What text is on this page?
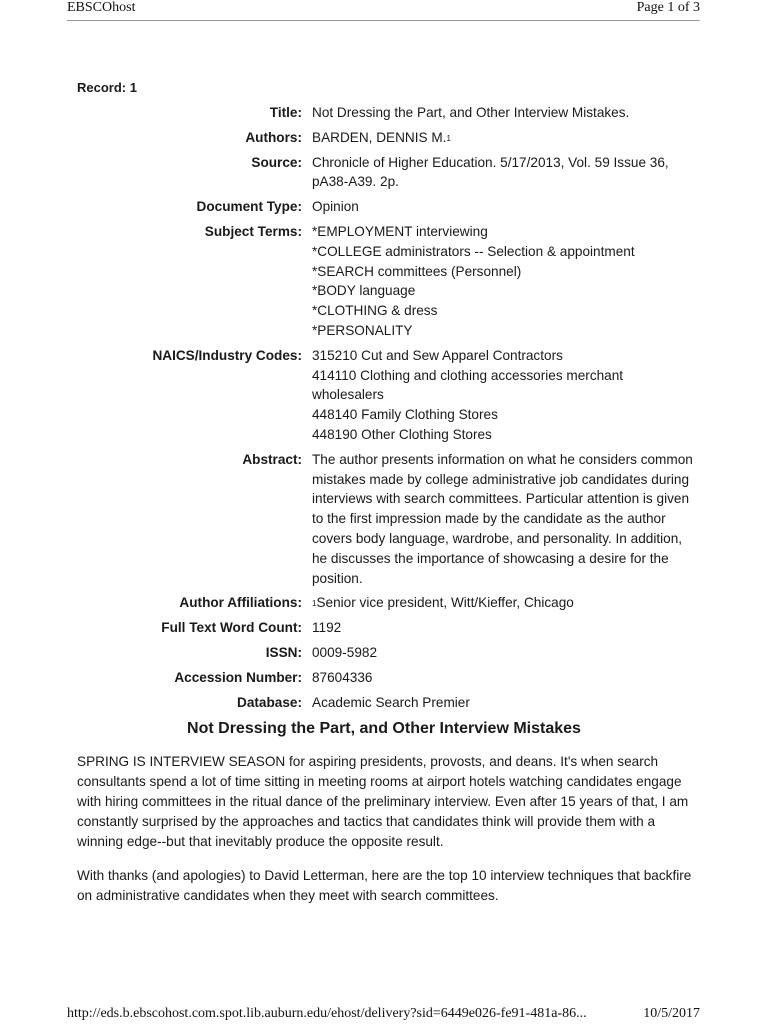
EBSCOhost	Page 1 of 3
Record: 1
Title: Not Dressing the Part, and Other Interview Mistakes.
Authors: BARDEN, DENNIS M.$^1$
Source: Chronicle of Higher Education. 5/17/2013, Vol. 59 Issue 36, pA38-A39. 2p.
Document Type: Opinion
Subject Terms: *EMPLOYMENT interviewing
*COLLEGE administrators -- Selection & appointment
*SEARCH committees (Personnel)
*BODY language
*CLOTHING & dress
*PERSONALITY
NAICS/Industry Codes: 315210 Cut and Sew Apparel Contractors
414110 Clothing and clothing accessories merchant wholesalers
448140 Family Clothing Stores
448190 Other Clothing Stores
Abstract: The author presents information on what he considers common mistakes made by college administrative job candidates during interviews with search committees. Particular attention is given to the first impression made by the candidate as the author covers body language, wardrobe, and personality. In addition, he discusses the importance of showcasing a desire for the position.
Author Affiliations: $^1$Senior vice president, Witt/Kieffer, Chicago
Full Text Word Count: 1192
ISSN: 0009-5982
Accession Number: 87604336
Database: Academic Search Premier
Not Dressing the Part, and Other Interview Mistakes

SPRING IS INTERVIEW SEASON for aspiring presidents, provosts, and deans. It's when search consultants spend a lot of time sitting in meeting rooms at airport hotels watching candidates engage with hiring committees in the ritual dance of the preliminary interview. Even after 15 years of that, I am constantly surprised by the approaches and tactics that candidates think will provide them with a winning edge--but that inevitably produce the opposite result.

With thanks (and apologies) to David Letterman, here are the top 10 interview techniques that backfire on administrative candidates when they meet with search committees.

http://eds.b.ebscohost.com.spot.lib.auburn.edu/ehost/delivery?sid=6449e026-fe91-481a-86...	10/5/2017
